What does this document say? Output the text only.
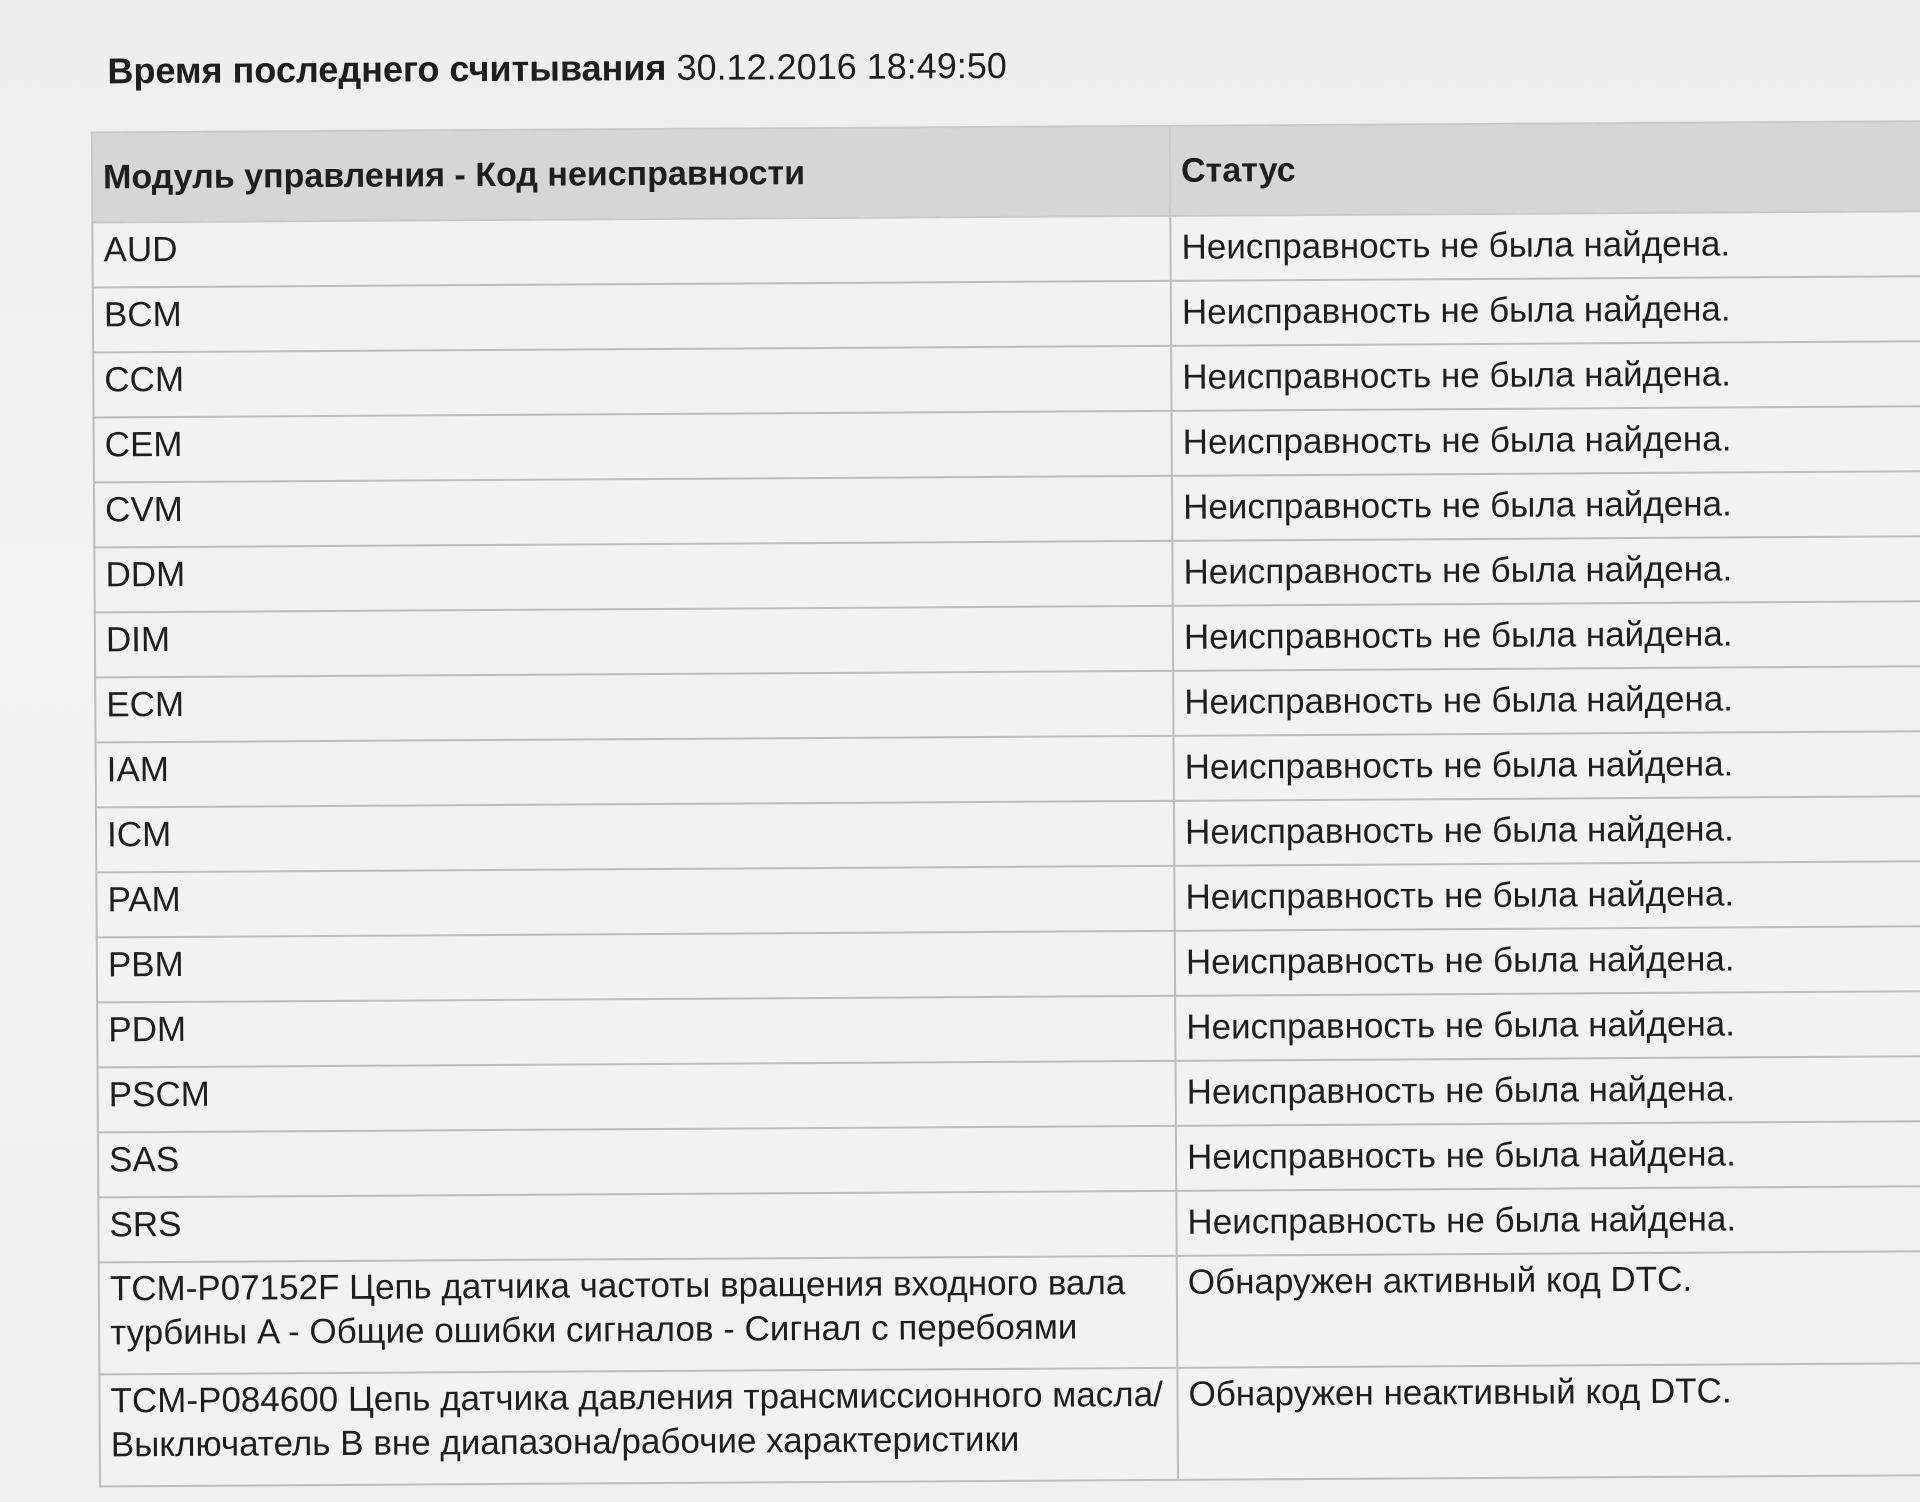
Время последнего считывания 30.12.2016 18:49:50
Модуль управления - Код неисправности	Статус
AUD	Неисправность не была найдена.
BCM	Неисправность не была найдена.
CCM	Неисправность не была найдена.
CEM	Неисправность не была найдена.
CVM	Неисправность не была найдена.
DDM	Неисправность не была найдена.
DIM	Неисправность не была найдена.
ECM	Неисправность не была найдена.
IAM	Неисправность не была найдена.
ICM	Неисправность не была найдена.
PAM	Неисправность не была найдена.
PBM	Неисправность не была найдена.
PDM	Неисправность не была найдена.
PSCM	Неисправность не была найдена.
SAS	Неисправность не была найдена.
SRS	Неисправность не была найдена.
TCM-P07152F Цепь датчика частоты вращения входного вала турбины A - Общие ошибки сигналов - Сигнал с перебоями	Обнаружен активный код DTC.
TCM-P084600 Цепь датчика давления трансмиссионного масла/Выключатель B вне диапазона/рабочие характеристики	Обнаружен неактивный код DTC.
